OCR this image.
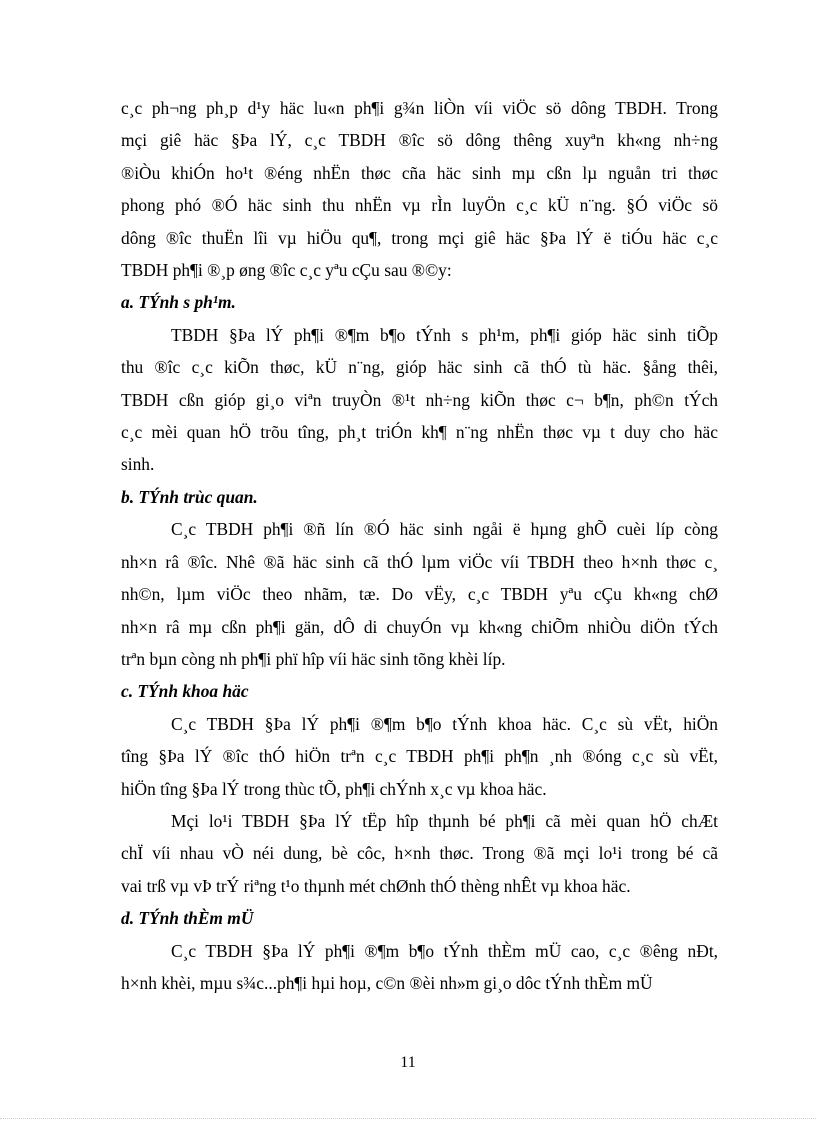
c¸c ph¬ng ph¸p d¹y häc lu«n ph¶i g¾n liÒn víi viÖc sö dông TBDH. Trong
mçi giê häc §Þa lÝ, c¸c TBDH ®îc sö dông thêng xuyªn kh«ng nh÷ng
®iÒu khiÓn ho¹t ®éng nhËn thøc cña häc sinh mµ cßn lµ nguån tri thøc
phong phó ®Ó häc sinh thu nhËn vµ rÌn luyÖn c¸c kÜ n¨ng. §Ó viÖc sö
dông ®îc thuËn lîi vµ hiÖu qu¶, trong mçi giê häc §Þa lÝ ë tiÓu häc c¸c
TBDH ph¶i ®¸p øng ®îc c¸c yªu cÇu sau ®©y:
a. TÝnh s ph¹m.
TBDH §Þa lÝ ph¶i ®¶m b¶o tÝnh s ph¹m, ph¶i gióp häc sinh tiÕp
thu ®îc c¸c kiÕn thøc, kÜ n¨ng, gióp häc sinh cã thÓ tù häc. §ång thêi,
TBDH cßn gióp gi¸o viªn truyÒn ®¹t nh÷ng kiÕn thøc c¬ b¶n, ph©n tÝch
c¸c mèi quan hÖ trõu tîng, ph¸t triÓn kh¶ n¨ng nhËn thøc vµ t duy cho häc
sinh.
b. TÝnh trùc quan.
C¸c TBDH ph¶i ®ñ lín ®Ó häc sinh ngåi ë hµng ghÕ cuèi líp còng
nh×n râ ®îc. Nhê ®ã häc sinh cã thÓ lµm viÖc víi TBDH theo h×nh thøc c¸
nh©n, lµm viÖc theo nhãm, tæ. Do vËy, c¸c TBDH yªu cÇu kh«ng chØ
nh×n râ mµ cßn ph¶i gän, dÔ di chuyÓn vµ kh«ng chiÕm nhiÒu diÖn tÝch
trªn bµn còng nh ph¶i phï hîp víi häc sinh tõng khèi líp.
c. TÝnh khoa häc
C¸c TBDH §Þa lÝ ph¶i ®¶m b¶o tÝnh khoa häc. C¸c sù vËt, hiÖn
tîng §Þa lÝ ®îc thÓ hiÖn trªn c¸c TBDH ph¶i ph¶n ¸nh ®óng c¸c sù vËt,
hiÖn tîng §Þa lÝ trong thùc tÕ, ph¶i chÝnh x¸c vµ khoa häc.
Mçi lo¹i TBDH §Þa lÝ tËp hîp thµnh bé ph¶i cã mèi quan hÖ chÆt
chÏ víi nhau vÒ néi dung, bè côc, h×nh thøc. Trong ®ã mçi lo¹i trong bé cã
vai trß vµ vÞ trÝ riªng t¹o thµnh mét chØnh thÓ thèng nhÊt vµ khoa häc.
d. TÝnh thÈm mÜ
C¸c TBDH §Þa lÝ ph¶i ®¶m b¶o tÝnh thÈm mÜ cao, c¸c ®êng nÐt,
h×nh khèi, mµu s¾c...ph¶i hµi hoµ, c©n ®èi nh»m gi¸o dôc tÝnh thÈm mÜ
11
